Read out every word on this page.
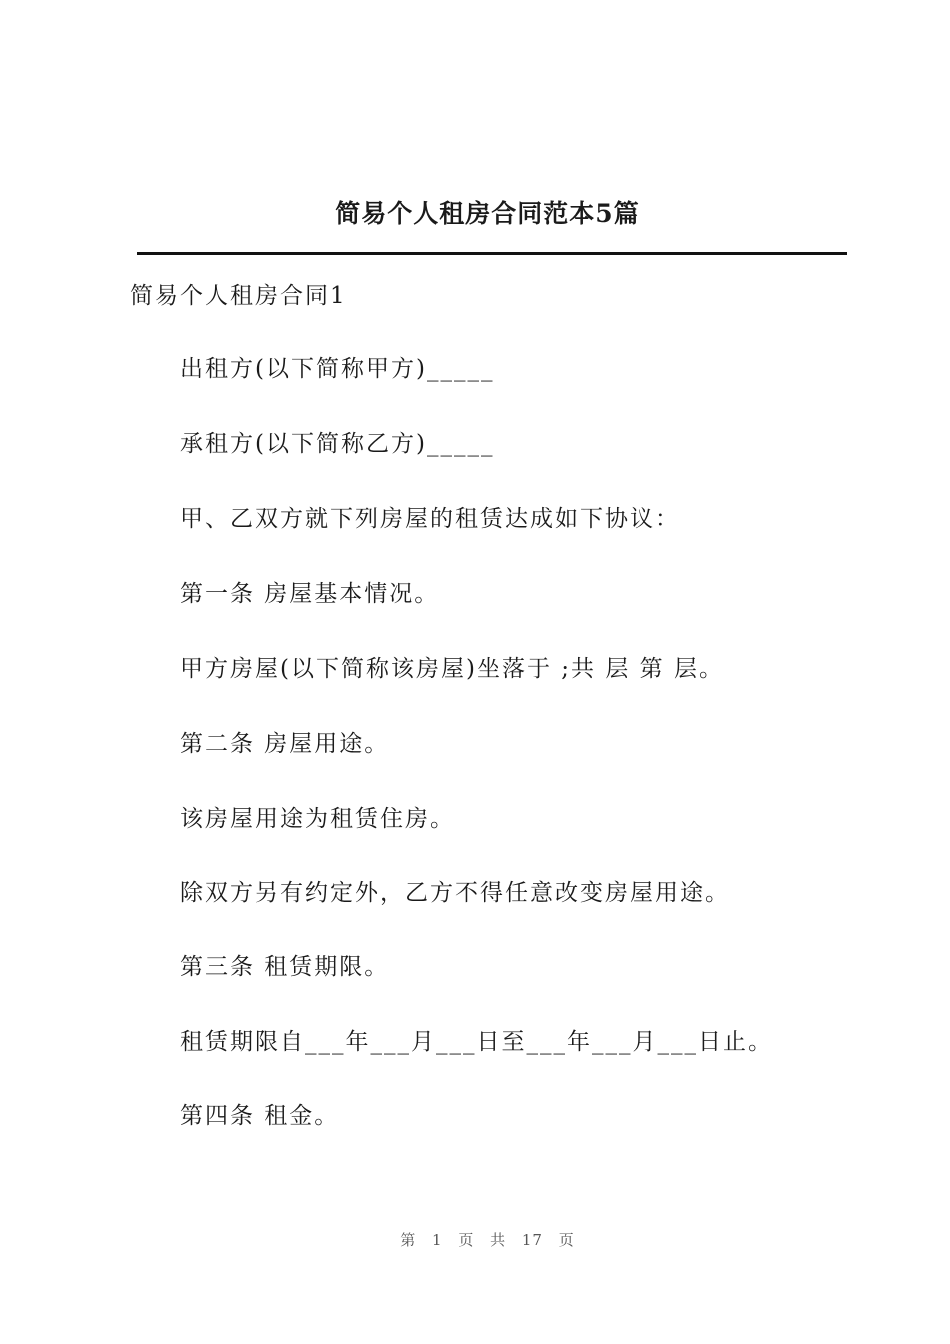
简易个人租房合同范本5篇
简易个人租房合同1
出租方(以下简称甲方)_____
承租方(以下简称乙方)_____
甲、乙双方就下列房屋的租赁达成如下协议：
第一条 房屋基本情况。
甲方房屋(以下简称该房屋)坐落于 ;共 层 第 层。
第二条 房屋用途。
该房屋用途为租赁住房。
除双方另有约定外，乙方不得任意改变房屋用途。
第三条 租赁期限。
租赁期限自___年___月___日至___年___月___日止。
第四条 租金。
第 1 页 共 17 页
